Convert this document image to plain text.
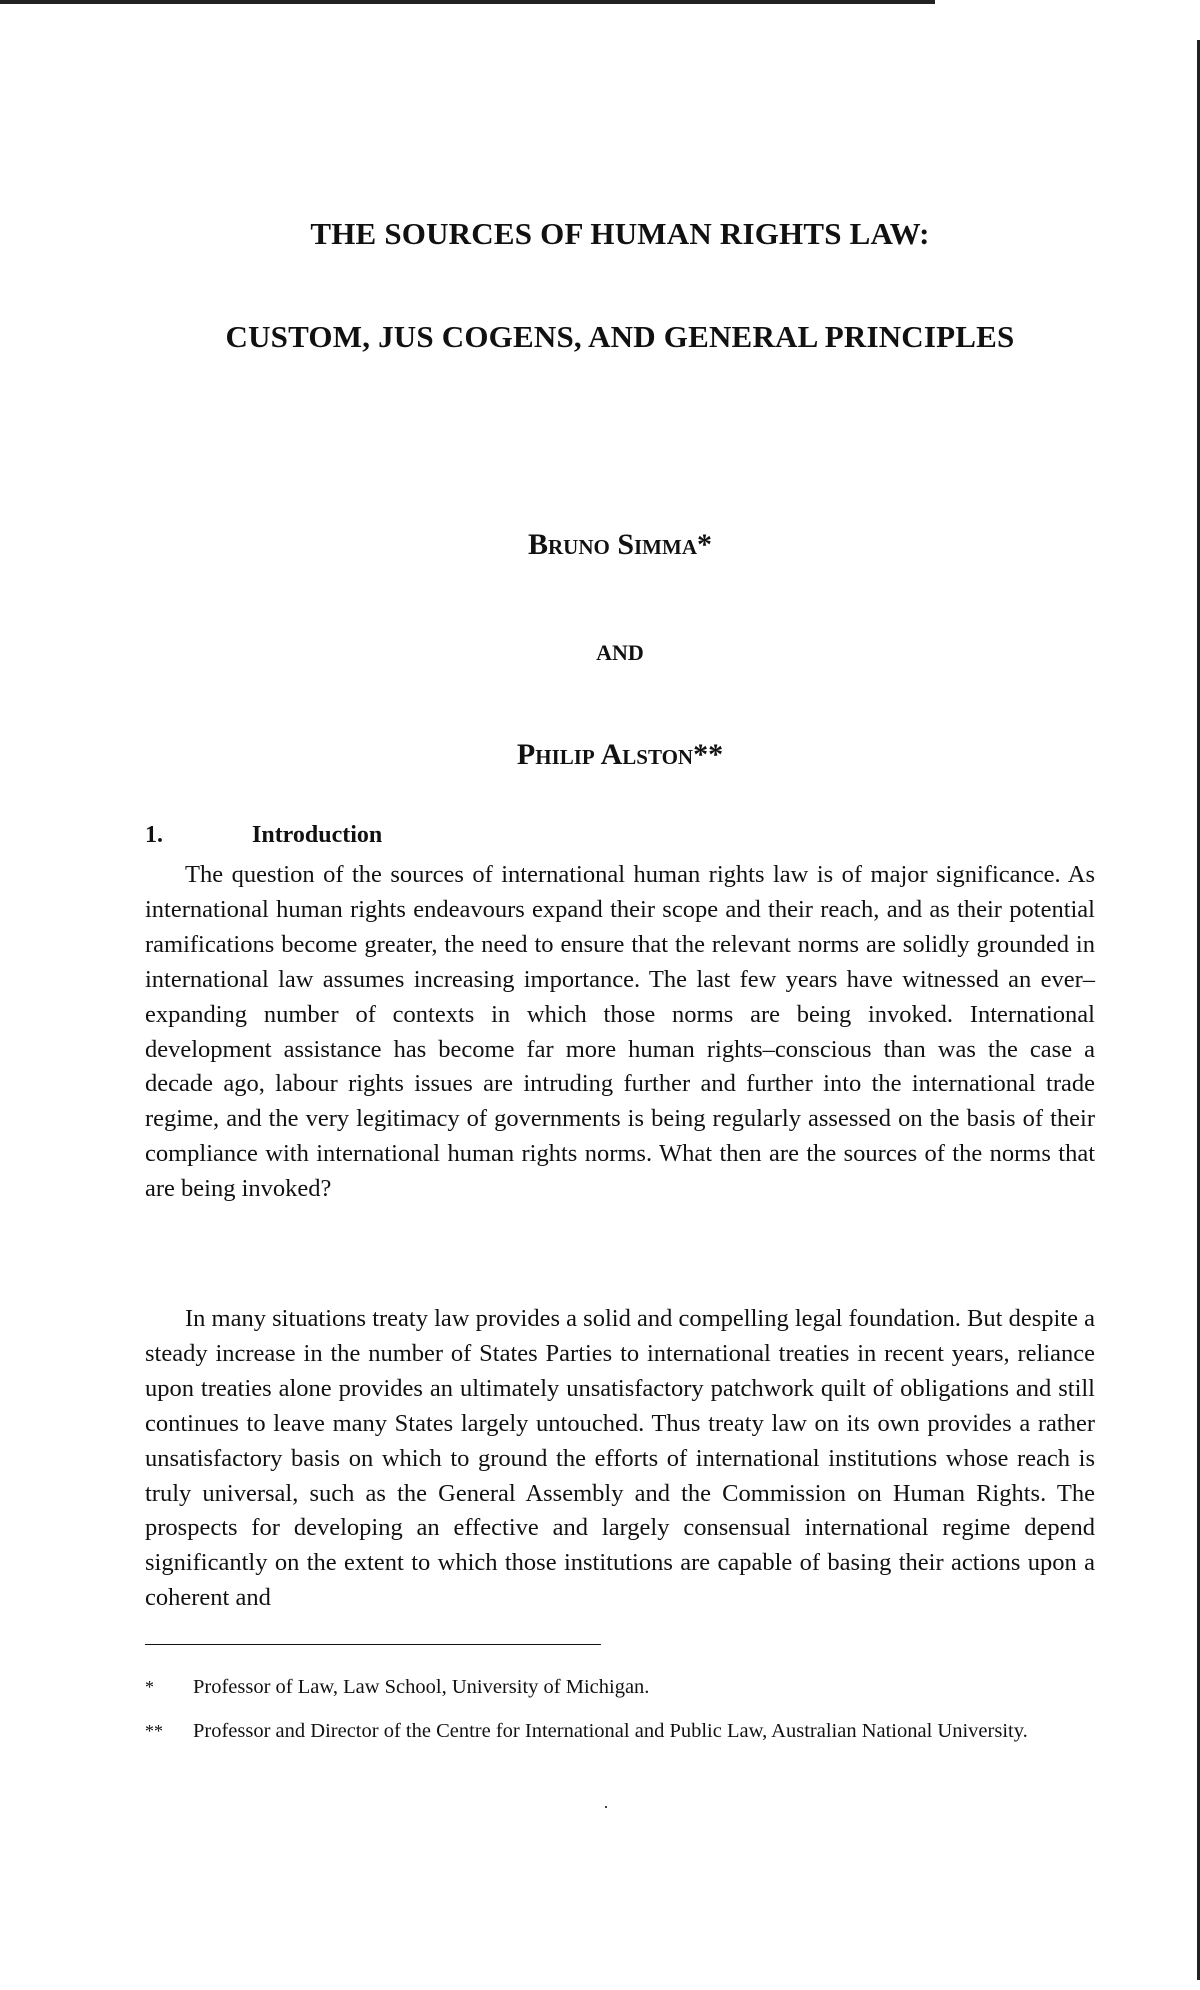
THE SOURCES OF HUMAN RIGHTS LAW:
CUSTOM, JUS COGENS, AND GENERAL PRINCIPLES

Bruno Simma*

AND

Philip Alston**

1.	Introduction

The question of the sources of international human rights law is of major significance. As international human rights endeavours expand their scope and their reach, and as their potential ramifications become greater, the need to ensure that the relevant norms are solidly grounded in international law assumes increasing importance. The last few years have witnessed an ever–expanding number of contexts in which those norms are being invoked. International development assistance has become far more human rights–conscious than was the case a decade ago, labour rights issues are intruding further and further into the international trade regime, and the very legitimacy of governments is being regularly assessed on the basis of their compliance with international human rights norms. What then are the sources of the norms that are being invoked?

In many situations treaty law provides a solid and compelling legal foundation. But despite a steady increase in the number of States Parties to international treaties in recent years, reliance upon treaties alone provides an ultimately unsatisfactory patchwork quilt of obligations and still continues to leave many States largely untouched. Thus treaty law on its own provides a rather unsatisfactory basis on which to ground the efforts of international institutions whose reach is truly universal, such as the General Assembly and the Commission on Human Rights. The prospects for developing an effective and largely consensual international regime depend significantly on the extent to which those institutions are capable of basing their actions upon a coherent and

*	Professor of Law, Law School, University of Michigan.
**	Professor and Director of the Centre for International and Public Law, Australian National University.
